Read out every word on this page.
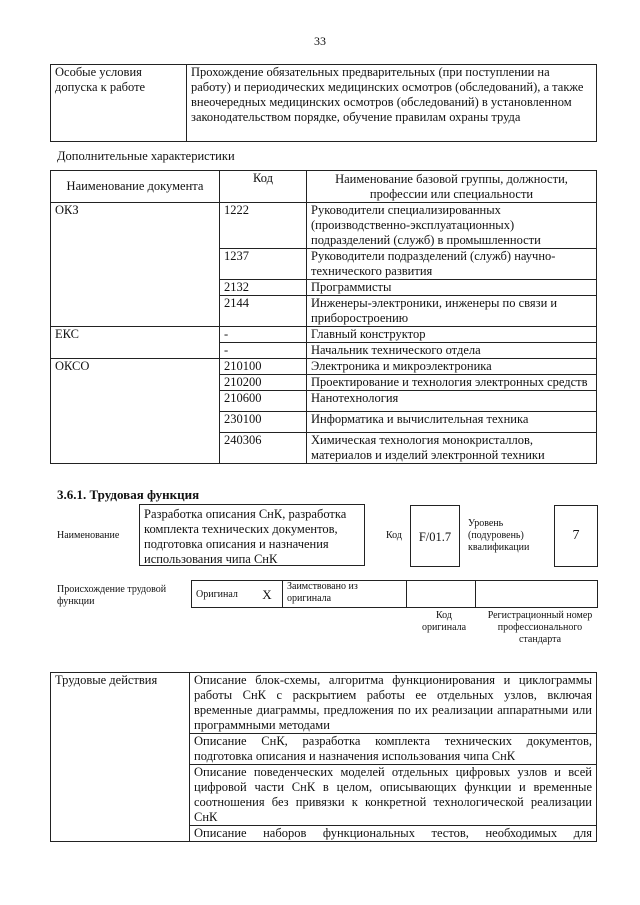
33
Особые условия допуска к работе	Прохождение обязательных предварительных (при поступлении на работу) и периодических медицинских осмотров (обследований), а также внеочередных медицинских осмотров (обследований) в установленном законодательством порядке, обучение правилам охраны труда
Дополнительные характеристики
Наименование документа	Код	Наименование базовой группы, должности, профессии или специальности
ОКЗ	1222	Руководители специализированных (производственно-эксплуатационных) подразделений (служб) в промышленности
	1237	Руководители подразделений (служб) научно-технического развития
	2132	Программисты
	2144	Инженеры-электроники, инженеры по связи и приборостроению
ЕКС	-	Главный конструктор
	-	Начальник технического отдела
ОКСО	210100	Электроника и микроэлектроника
	210200	Проектирование и технология электронных средств
	210600	Нанотехнология
	230100	Информатика и вычислительная техника
	240306	Химическая технология монокристаллов, материалов и изделий электронной техники
3.6.1. Трудовая функция
Наименование
Разработка описания СнК, разработка комплекта технических документов, подготовка описания и назначения использования чипа СнК
Код	F/01.7
Уровень (подуровень) квалификации
7
Происхождение трудовой функции
Оригинал	X	Заимствовано из оригинала		
Код оригинала
Регистрационный номер профессионального стандарта
Трудовые действия	Описание блок-схемы, алгоритма функционирования и циклограммы работы СнК с раскрытием работы ее отдельных узлов, включая временные диаграммы, предложения по их реализации аппаратными или программными методами
Описание СнК, разработка комплекта технических документов, подготовка описания и назначения использования чипа СнК
Описание поведенческих моделей отдельных цифровых узлов и всей цифровой части СнК в целом, описывающих функции и временные соотношения без привязки к конкретной технологической реализации СнК
Описание наборов функциональных тестов, необходимых для
